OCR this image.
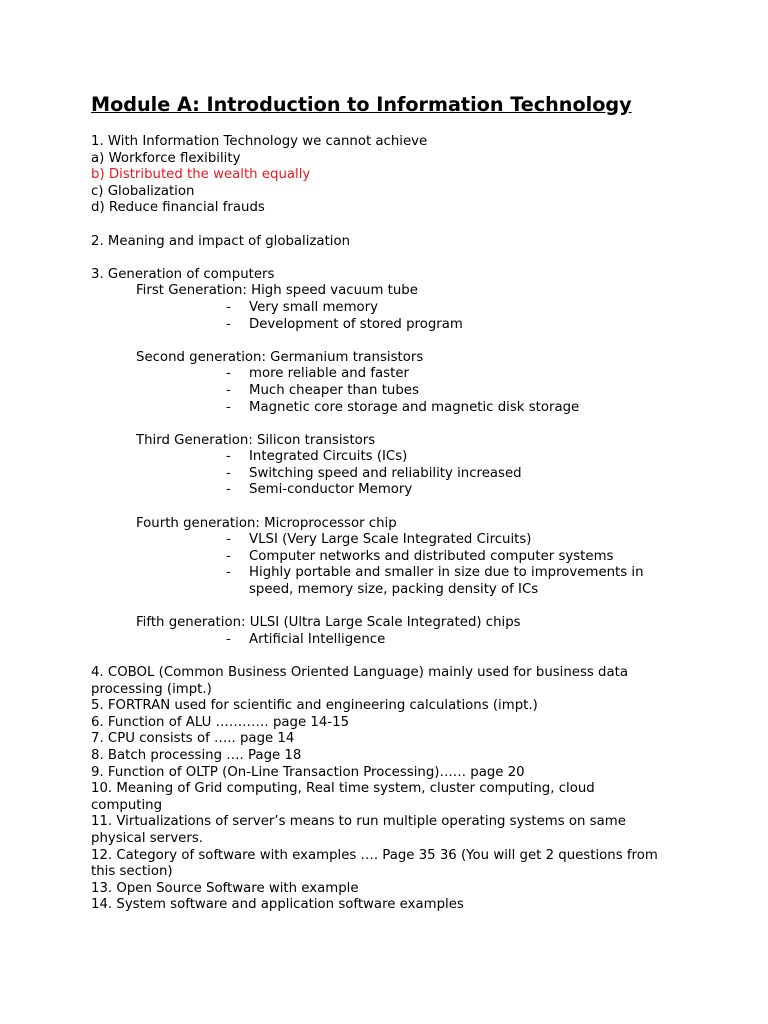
Module A: Introduction to Information Technology
1. With Information Technology we cannot achieve
a) Workforce flexibility
b) Distributed the wealth equally
c) Globalization
d) Reduce financial frauds
2. Meaning and impact of globalization
3. Generation of computers
First Generation: High speed vacuum tube
- Very small memory
- Development of stored program
Second generation: Germanium transistors
- more reliable and faster
- Much cheaper than tubes
- Magnetic core storage and magnetic disk storage
Third Generation: Silicon transistors
- Integrated Circuits (ICs)
- Switching speed and reliability increased
- Semi-conductor Memory
Fourth generation: Microprocessor chip
- VLSI (Very Large Scale Integrated Circuits)
- Computer networks and distributed computer systems
- Highly portable and smaller in size due to improvements in speed, memory size, packing density of ICs
Fifth generation: ULSI (Ultra Large Scale Integrated) chips
- Artificial Intelligence
4. COBOL (Common Business Oriented Language) mainly used for business data processing (impt.)
5. FORTRAN used for scientific and engineering calculations (impt.)
6. Function of ALU ………… page 14-15
7. CPU consists of ….. page 14
8. Batch processing …. Page 18
9. Function of OLTP (On-Line Transaction Processing)…… page 20
10. Meaning of Grid computing, Real time system, cluster computing, cloud computing
11. Virtualizations of server’s means to run multiple operating systems on same physical servers.
12. Category of software with examples …. Page 35 36 (You will get 2 questions from this section)
13. Open Source Software with example
14. System software and application software examples
